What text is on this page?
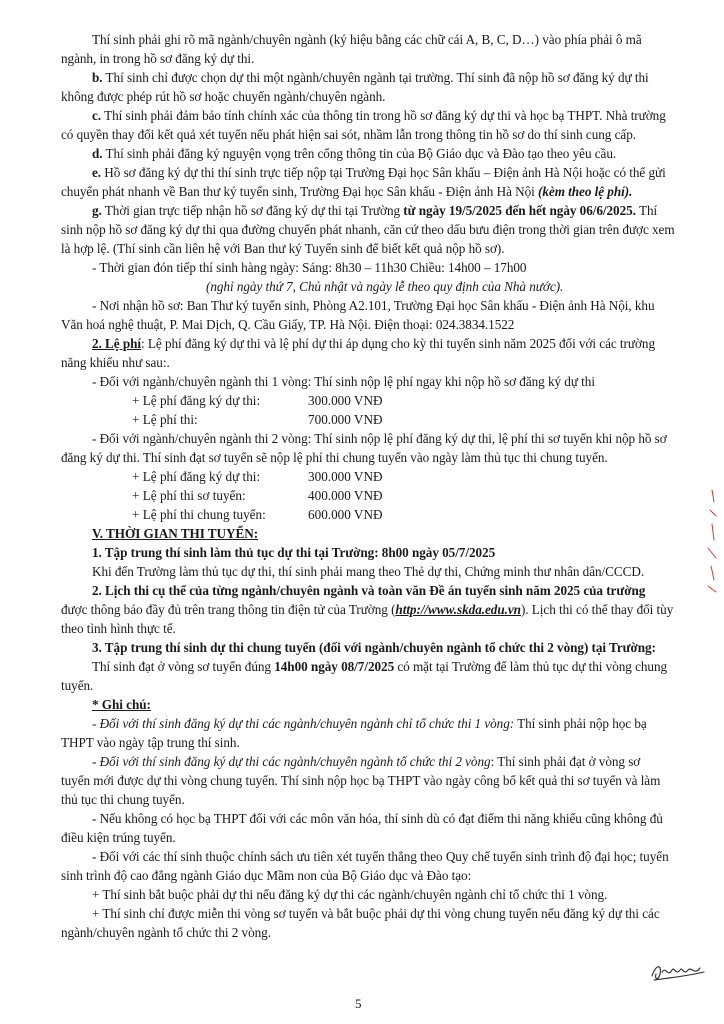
Thí sinh phải ghi rõ mã ngành/chuyên ngành (ký hiệu bằng các chữ cái A, B, C, D…) vào phía phải ô mã
ngành, in trong hồ sơ đăng ký dự thi.
b. Thí sinh chỉ được chọn dự thi một ngành/chuyên ngành tại trường. Thí sinh đã nộp hồ sơ đăng ký dự thi
không được phép rút hồ sơ hoặc chuyển ngành/chuyên ngành.
c. Thí sinh phải đảm bảo tính chính xác của thông tin trong hồ sơ đăng ký dự thi và học bạ THPT. Nhà trường
có quyền thay đổi kết quả xét tuyển nếu phát hiện sai sót, nhầm lẫn trong thông tin hồ sơ do thí sinh cung cấp.
d. Thí sinh phải đăng ký nguyện vọng trên cổng thông tin của Bộ Giáo dục và Đào tạo theo yêu cầu.
e. Hồ sơ đăng ký dự thi thí sinh trực tiếp nộp tại Trường Đại học Sân khấu – Điện ảnh Hà Nội hoặc có thể gửi
chuyển phát nhanh về Ban thư ký tuyển sinh, Trường Đại học Sân khấu - Điện ảnh Hà Nội (kèm theo lệ phí).
g. Thời gian trực tiếp nhận hồ sơ đăng ký dự thi tại Trường từ ngày 19/5/2025 đến hết ngày 06/6/2025. Thí
sinh nộp hồ sơ đăng ký dự thi qua đường chuyển phát nhanh, căn cứ theo dấu bưu điện trong thời gian trên được xem
là hợp lệ. (Thí sinh cần liên hệ với Ban thư ký Tuyển sinh để biết kết quả nộp hồ sơ).
- Thời gian đón tiếp thí sinh hàng ngày: Sáng: 8h30 – 11h30 Chiều: 14h00 – 17h00
(nghỉ ngày thứ 7, Chủ nhật và ngày lễ theo quy định của Nhà nước).
- Nơi nhận hồ sơ: Ban Thư ký tuyển sinh, Phòng A2.101, Trường Đại học Sân khấu - Điện ảnh Hà Nội, khu
Văn hoá nghệ thuật, P. Mai Dịch, Q. Cầu Giấy, TP. Hà Nội. Điện thoại: 024.3834.1522
2. Lệ phí: Lệ phí đăng ký dự thi và lệ phí dự thi áp dụng cho kỳ thi tuyển sinh năm 2025 đối với các trường
năng khiếu như sau:.
- Đối với ngành/chuyên ngành thi 1 vòng: Thí sinh nộp lệ phí ngay khi nộp hồ sơ đăng ký dự thi
+ Lệ phí đăng ký dự thi:	300.000 VNĐ
+ Lệ phí thi:	700.000 VNĐ
- Đối với ngành/chuyên ngành thi 2 vòng: Thí sinh nộp lệ phí đăng ký dự thi, lệ phí thi sơ tuyển khi nộp hồ sơ
đăng ký dự thi. Thí sinh đạt sơ tuyển sẽ nộp lệ phí thi chung tuyển vào ngày làm thủ tục thi chung tuyển.
+ Lệ phí đăng ký dự thi:	300.000 VNĐ
+ Lệ phí thi sơ tuyển:	400.000 VNĐ
+ Lệ phí thi chung tuyển:	600.000 VNĐ
V. THỜI GIAN THI TUYỂN:
1. Tập trung thí sinh làm thủ tục dự thi tại Trường: 8h00 ngày 05/7/2025
Khi đến Trường làm thủ tục dự thi, thí sinh phải mang theo Thẻ dự thi, Chứng minh thư nhân dân/CCCD.
2. Lịch thi cụ thể của từng ngành/chuyên ngành và toàn văn Đề án tuyển sinh năm 2025 của trường
được thông báo đầy đủ trên trang thông tin điện tử của Trường (http://www.skda.edu.vn). Lịch thi có thể thay đổi tùy
theo tình hình thực tế.
3. Tập trung thí sinh dự thi chung tuyển (đối với ngành/chuyên ngành tổ chức thi 2 vòng) tại Trường:
Thí sinh đạt ở vòng sơ tuyển đúng 14h00 ngày 08/7/2025 có mặt tại Trường để làm thủ tục dự thi vòng chung
tuyển.
* Ghi chú:
- Đối với thí sinh đăng ký dự thi các ngành/chuyên ngành chỉ tổ chức thi 1 vòng: Thí sinh phải nộp học bạ
THPT vào ngày tập trung thí sinh.
- Đối với thí sinh đăng ký dự thi các ngành/chuyên ngành tổ chức thi 2 vòng: Thí sinh phải đạt ở vòng sơ
tuyển mới được dự thi vòng chung tuyển. Thí sinh nộp học bạ THPT vào ngày công bố kết quả thi sơ tuyển và làm
thủ tục thi chung tuyển.
- Nếu không có học bạ THPT đối với các môn văn hóa, thí sinh dù có đạt điểm thi năng khiếu cũng không đủ
điều kiện trúng tuyển.
- Đối với các thí sinh thuộc chính sách ưu tiên xét tuyển thẳng theo Quy chế tuyển sinh trình độ đại học; tuyển
sinh trình độ cao đẳng ngành Giáo dục Mầm non của Bộ Giáo dục và Đào tạo:
+ Thí sinh bắt buộc phải dự thi nếu đăng ký dự thi các ngành/chuyên ngành chỉ tổ chức thi 1 vòng.
+ Thí sinh chỉ được miễn thi vòng sơ tuyển và bắt buộc phải dự thi vòng chung tuyển nếu đăng ký dự thi các
ngành/chuyên ngành tổ chức thi 2 vòng.
5
